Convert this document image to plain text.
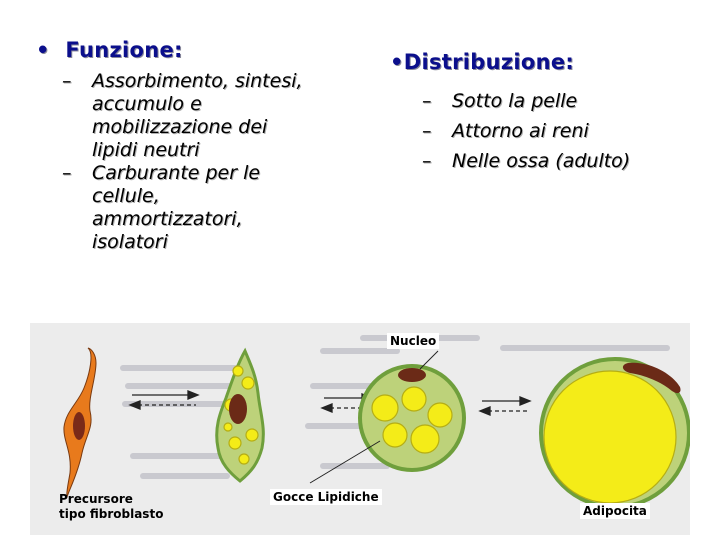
• Funzione:
– Assorbimento, sintesi,
accumulo e
mobilizzazione dei
lipidi neutri
– Carburante per le
cellule,
ammortizzatori,
isolatori
•Distribuzione:
– Sotto la pelle
– Attorno ai reni
– Nelle ossa (adulto)
Nucleo
Precursore
tipo fibroblasto
Gocce Lipidiche
Adipocita
